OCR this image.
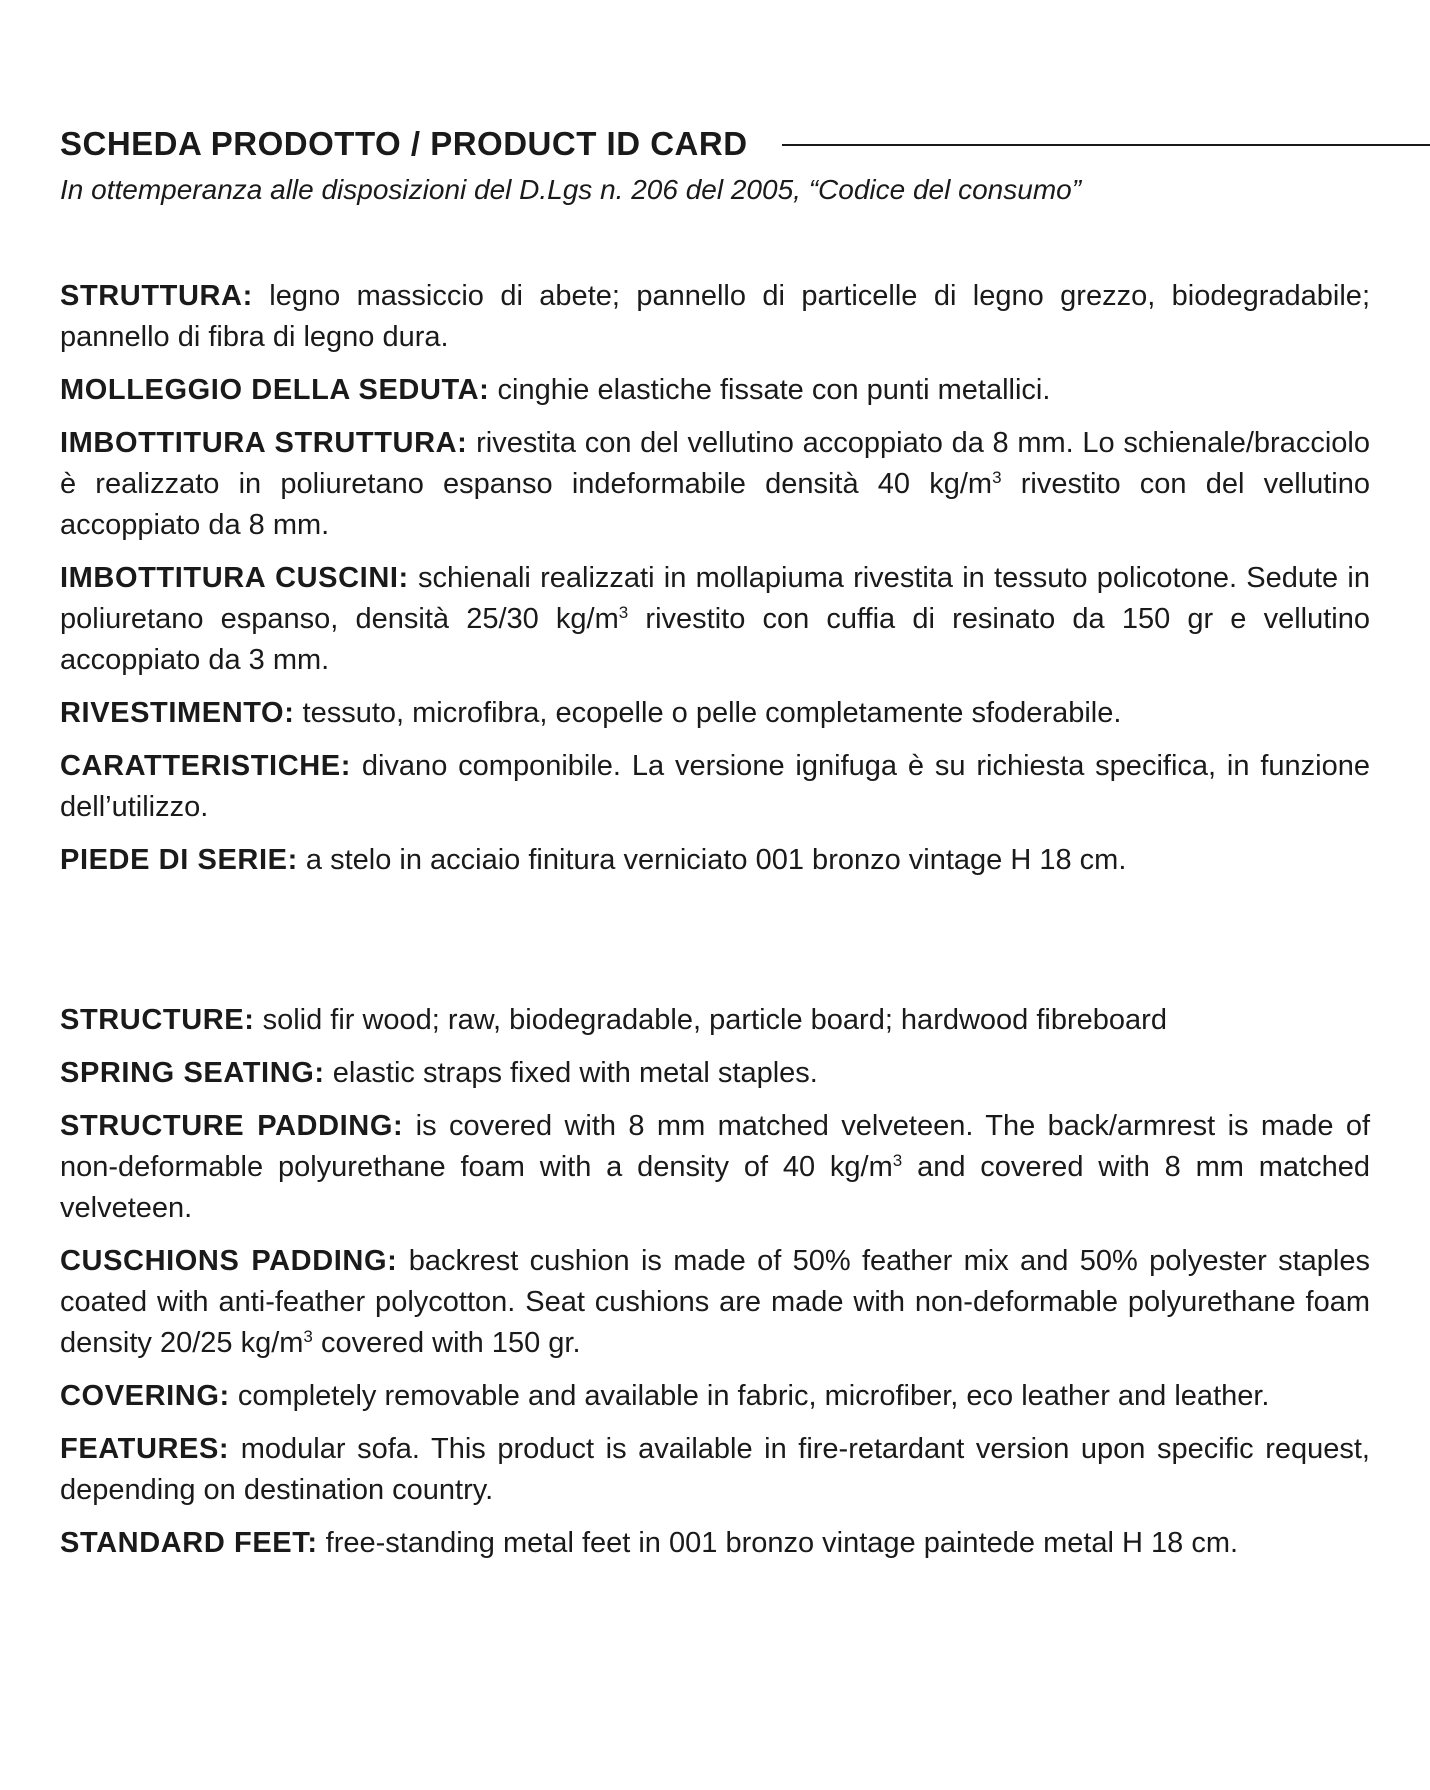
SCHEDA PRODOTTO / PRODUCT ID CARD
In ottemperanza alle disposizioni del D.Lgs n. 206 del 2005, “Codice del consumo”

STRUTTURA: legno massiccio di abete; pannello di particelle di legno grezzo, biodegradabile; pannello di fibra di legno dura.

MOLLEGGIO DELLA SEDUTA: cinghie elastiche fissate con punti metallici.

IMBOTTITURA STRUTTURA: rivestita con del vellutino accoppiato da 8 mm. Lo schienale/bracciolo è realizzato in poliuretano espanso indeformabile densità 40 $kg/m^3$ rivestito con del vellutino accoppiato da 8 mm.

IMBOTTITURA CUSCINI: schienali realizzati in mollapiuma rivestita in tessuto policotone. Sedute in poliuretano espanso, densità 25/30 $kg/m^3$ rivestito con cuffia di resinato da 150 gr e vellutino accoppiato da 3 mm.

RIVESTIMENTO: tessuto, microfibra, ecopelle o pelle completamente sfoderabile.

CARATTERISTICHE: divano componibile. La versione ignifuga è su richiesta specifica, in funzione dell’utilizzo.

PIEDE DI SERIE: a stelo in acciaio finitura verniciato 001 bronzo vintage H 18 cm.

STRUCTURE: solid fir wood; raw, biodegradable, particle board; hardwood fibreboard

SPRING SEATING: elastic straps fixed with metal staples.

STRUCTURE PADDING: is covered with 8 mm matched velveteen. The back/armrest is made of non-deformable polyurethane foam with a density of 40 $kg/m^3$ and covered with 8 mm matched velveteen.

CUSCHIONS PADDING: backrest cushion is made of 50% feather mix and 50% polyester staples coated with anti-feather polycotton. Seat cushions are made with non-deformable polyurethane foam density 20/25 $kg/m^3$ covered with 150 gr.

COVERING: completely removable and available in fabric, microfiber, eco leather and leather.

FEATURES: modular sofa. This product is available in fire-retardant version upon specific request, depending on destination country.

STANDARD FEET: free-standing metal feet in 001 bronzo vintage paintede metal H 18 cm.
